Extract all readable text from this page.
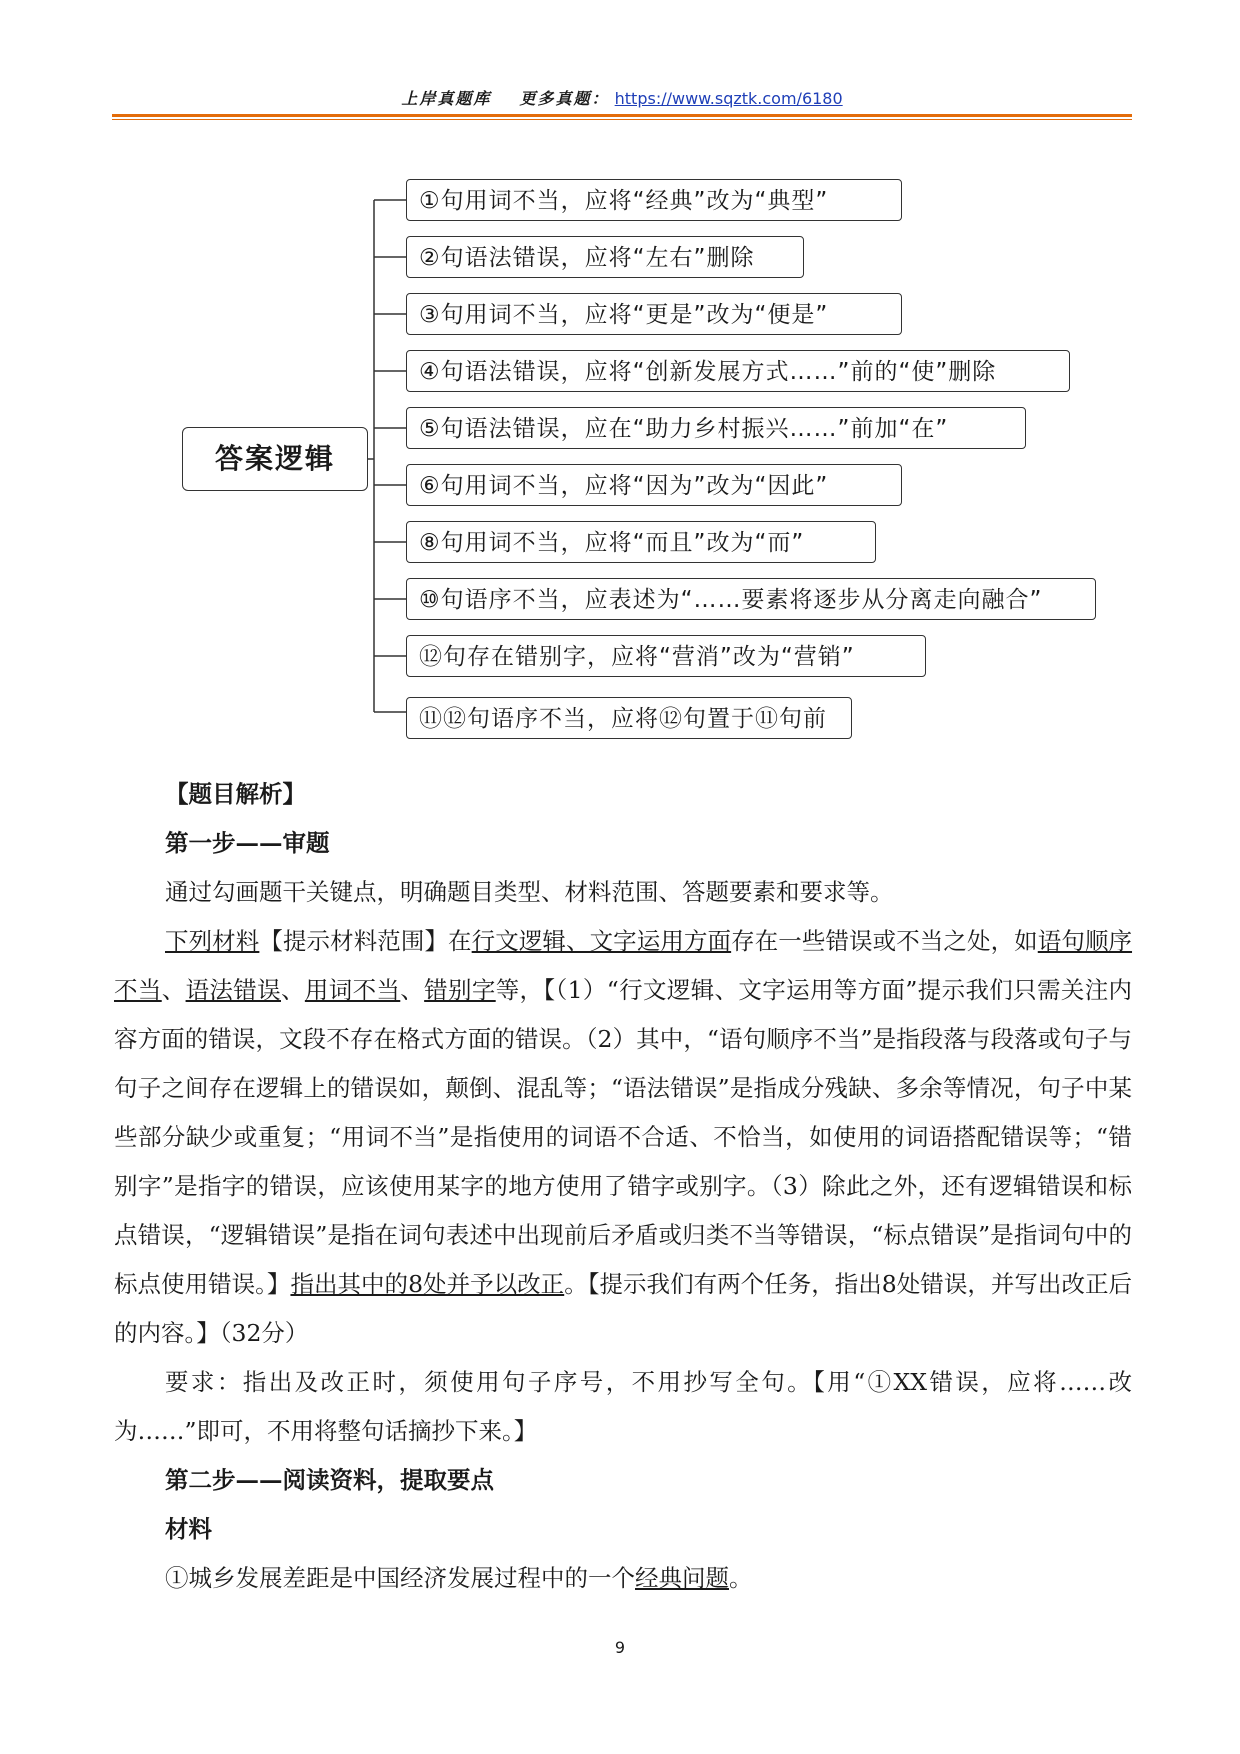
上岸真题库 更多真题： https://www.sqztk.com/6180
答案逻辑
①句用词不当，应将“经典”改为“典型”
②句语法错误，应将“左右”删除
③句用词不当，应将“更是”改为“便是”
④句语法错误，应将“创新发展方式……”前的“使”删除
⑤句语法错误，应在“助力乡村振兴……”前加“在”
⑥句用词不当，应将“因为”改为“因此”
⑧句用词不当，应将“而且”改为“而”
⑩句语序不当，应表述为“……要素将逐步从分离走向融合”
⑫句存在错别字，应将“营消”改为“营销”
⑪⑫句语序不当，应将⑫句置于⑪句前

【题目解析】

第一步——审题

通过勾画题干关键点，明确题目类型、材料范围、答题要素和要求等。

下列材料【提示材料范围】在行文逻辑、文字运用方面存在一些错误或不当之处，如语句顺序不当、语法错误、用词不当、错别字等，【（1）“行文逻辑、文字运用等方面”提示我们只需关注内容方面的错误，文段不存在格式方面的错误。（2）其中，“语句顺序不当”是指段落与段落或句子与句子之间存在逻辑上的错误如，颠倒、混乱等；“语法错误”是指成分残缺、多余等情况，句子中某些部分缺少或重复；“用词不当”是指使用的词语不合适、不恰当，如使用的词语搭配错误等；“错别字”是指字的错误，应该使用某字的地方使用了错字或别字。（3）除此之外，还有逻辑错误和标点错误，“逻辑错误”是指在词句表述中出现前后矛盾或归类不当等错误，“标点错误”是指词句中的标点使用错误。】指出其中的8处并予以改正。【提示我们有两个任务，指出8处错误，并写出改正后的内容。】（32分）

要求：指出及改正时，须使用句子序号，不用抄写全句。【用“①XX错误，应将……改为……”即可，不用将整句话摘抄下来。】

第二步——阅读资料，提取要点

材料

①城乡发展差距是中国经济发展过程中的一个经典问题。

9
